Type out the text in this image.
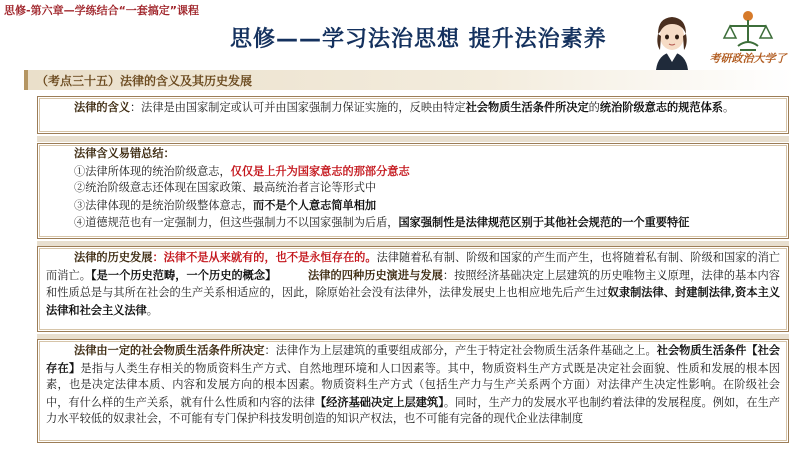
思修-第六章—学练结合“一套搞定”课程
思修——学习法治思想 提升法治素养
考研政治大学了
（考点三十五）法律的含义及其历史发展
法律的含义：法律是由国家制定或认可并由国家强制力保证实施的，反映由特定社会物质生活条件所决定的统治阶级意志的规范体系。
法律含义易错总结：
①法律所体现的统治阶级意志，仅仅是上升为国家意志的那部分意志
②统治阶级意志还体现在国家政策、最高统治者言论等形式中
③法律体现的是统治阶级整体意志，而不是个人意志简单相加
④道德规范也有一定强制力，但这些强制力不以国家强制为后盾，国家强制性是法律规范区别于其他社会规范的一个重要特征
法律的历史发展：法律不是从来就有的，也不是永恒存在的。法律随着私有制、阶级和国家的产生而产生，也将随着私有制、阶级和国家的消亡而消亡。【是一个历史范畴，一个历史的概念】	法律的四种历史演进与发展：按照经济基础决定上层建筑的历史唯物主义原理，法律的基本内容和性质总是与其所在社会的生产关系相适应的，因此，除原始社会没有法律外，法律发展史上也相应地先后产生过奴隶制法律、封建制法律,资本主义法律和社会主义法律。
法律由一定的社会物质生活条件所决定：法律作为上层建筑的重要组成部分，产生于特定社会物质生活条件基础之上。社会物质生活条件【社会存在】是指与人类生存相关的物质资料生产方式、自然地理环境和人口因素等。其中，物质资料生产方式既是决定社会面貌、性质和发展的根本因素，也是决定法律本质、内容和发展方向的根本因素。物质资料生产方式（包括生产力与生产关系两个方面）对法律产生决定性影响。在阶级社会中，有什么样的生产关系，就有什么性质和内容的法律【经济基础决定上层建筑】。同时，生产力的发展水平也制约着法律的发展程度。例如，在生产力水平较低的奴隶社会，不可能有专门保护科技发明创造的知识产权法，也不可能有完备的现代企业法律制度
